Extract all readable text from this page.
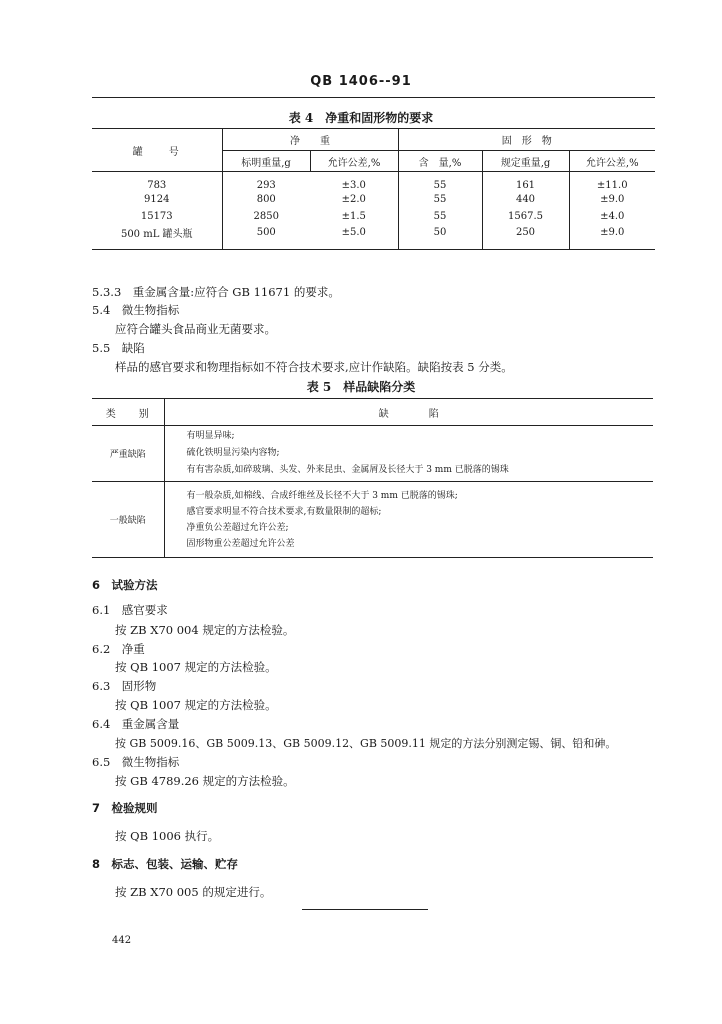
QB 1406--91
表 4　 净重和固形物的要求
罐　　号	净　　重		固　形　物		
	标明重量,g	允许公差,%	含　量,%	规定重量,g	允许公差,%
783	293	±3.0	55	161	±11.0
9124	800	±2.0	55	440	±9.0
15173	2850	±1.5	55	1567.5	±4.0
500 mL 罐头瓶	500	±5.0	50	250	±9.0
5.3.3　 重金属含量:应符合 GB 11671 的要求。
5.4　 微生物指标
应符合罐头食品商业无菌要求。
5.5　 缺陷
样品的感官要求和物理指标如不符合技术要求,应计作缺陷。缺陷按表 5 分类。
表 5　 样品缺陷分类
类　　别	缺　　　　陷
严重缺陷	有明显异味;
硫化铁明显污染内容物;
有有害杂质,如碎玻璃、头发、外来昆虫、金属屑及长径大于 3 mm 已脱落的锡珠

一般缺陷	有一般杂质,如棉线、合成纤维丝及长径不大于 3 mm 已脱落的锡珠;
感官要求明显不符合技术要求,有数量限制的超标;
净重负公差超过允许公差;
固形物重公差超过允许公差
6　 试验方法
6.1　 感官要求
按 ZB X70 004 规定的方法检验。
6.2　 净重
按 QB 1007 规定的方法检验。
6.3　 固形物
按 QB 1007 规定的方法检验。
6.4　 重金属含量
按 GB 5009.16、GB 5009.13、GB 5009.12、GB 5009.11 规定的方法分别测定锡、铜、铅和砷。
6.5　 微生物指标
按 GB 4789.26 规定的方法检验。
7　 检验规则
按 QB 1006 执行。
8　 标志、包装、运输、贮存
按 ZB X70 005 的规定进行。
442
